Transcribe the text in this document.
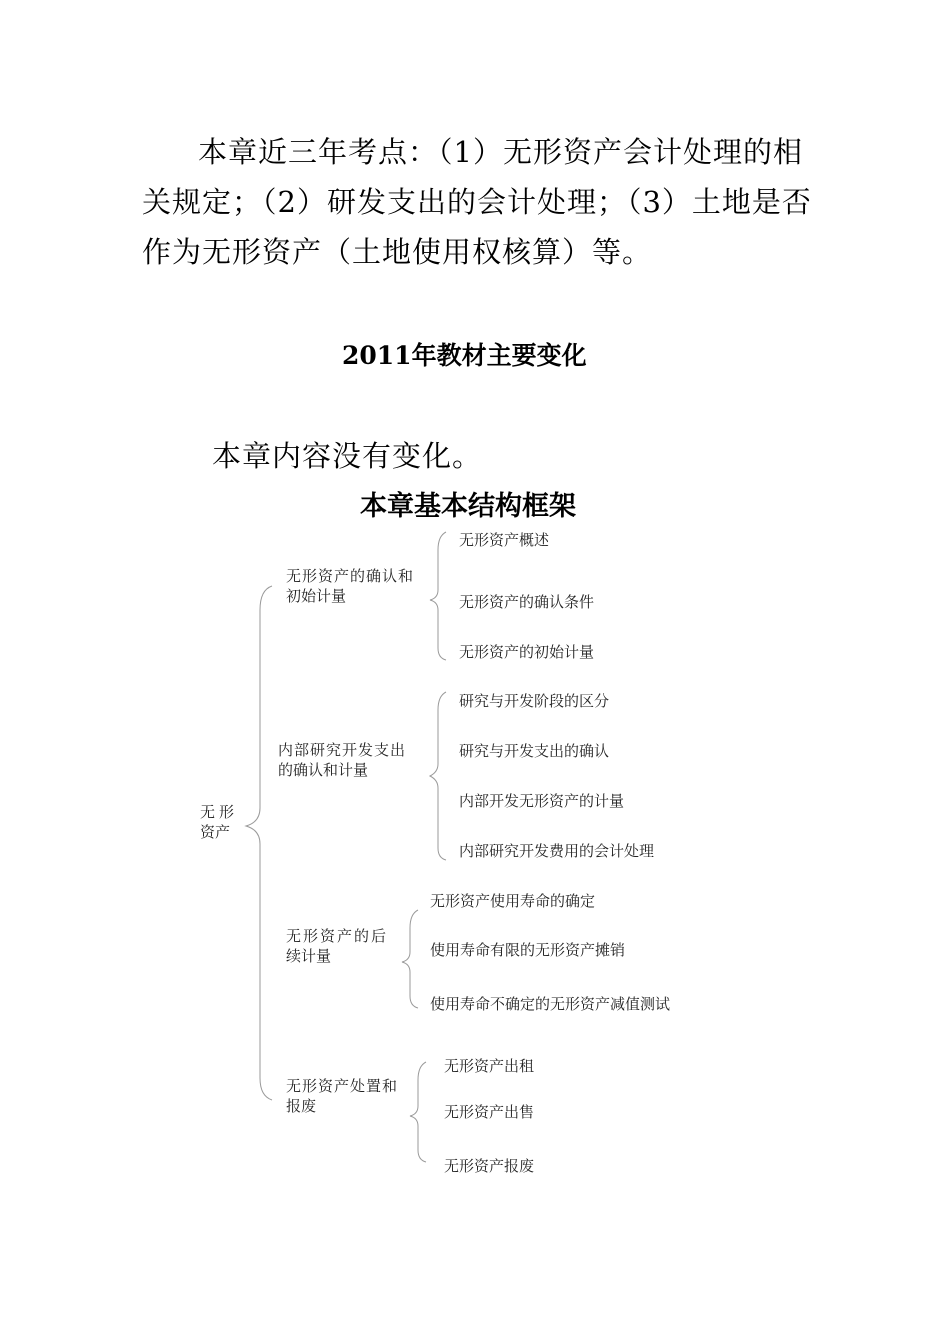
本章近三年考点：（1）无形资产会计处理的相
关规定；（2）研发支出的会计处理；（3）土地是否
作为无形资产（土地使用权核算）等。
2011年教材主要变化
本章内容没有变化。
本章基本结构框架
无形
资产
无形资产的确认和
初始计量
无形资产概述
无形资产的确认条件
无形资产的初始计量
内部研究开发支出
的确认和计量
研究与开发阶段的区分
研究与开发支出的确认
内部开发无形资产的计量
内部研究开发费用的会计处理
无形资产的后
续计量
无形资产使用寿命的确定
使用寿命有限的无形资产摊销
使用寿命不确定的无形资产减值测试
无形资产处置和
报废
无形资产出租
无形资产出售
无形资产报废
